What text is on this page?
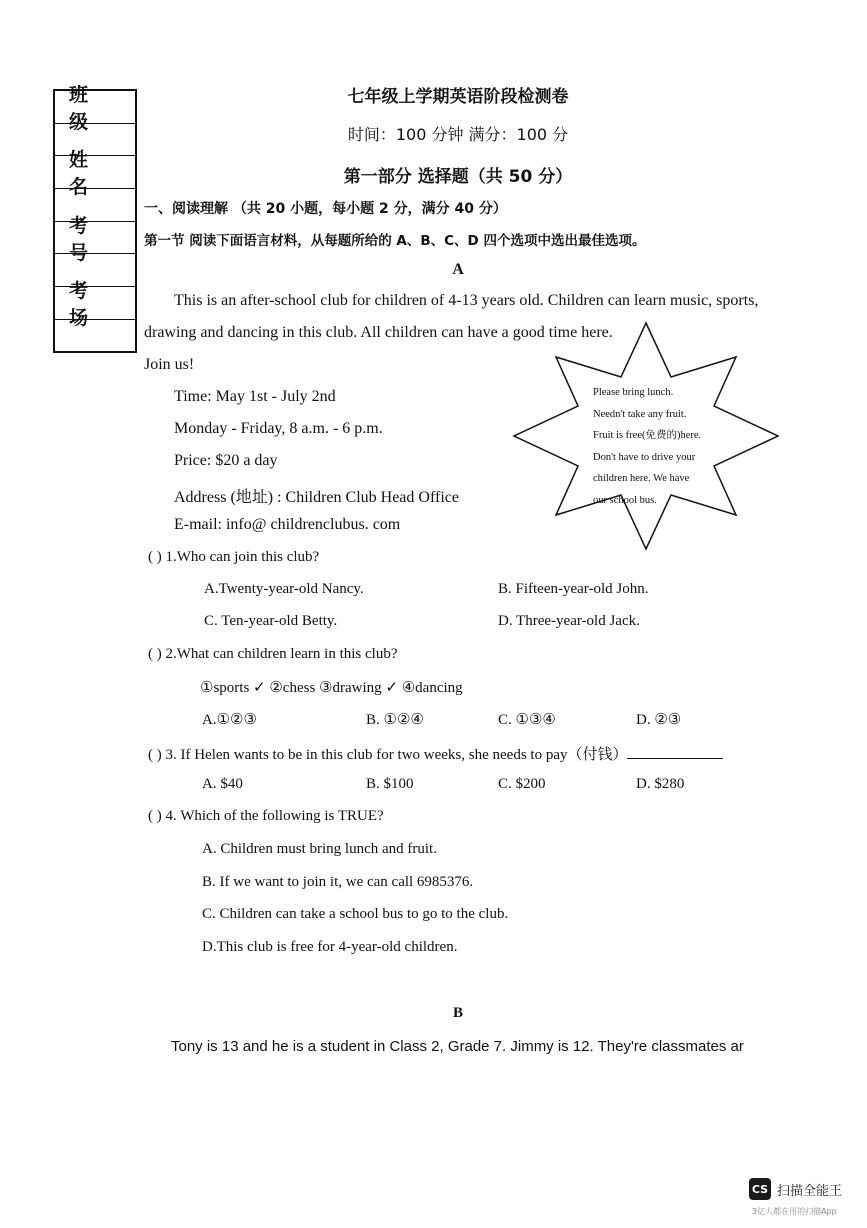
班 级
姓 名
考 号
考 场
七年级上学期英语阶段检测卷
时间：100 分钟 满分：100 分
第一部分 选择题（共 50 分）
一、阅读理解 （共 20 小题，每小题 2 分，满分 40 分）
第一节 阅读下面语言材料，从每题所给的 A、B、C、D 四个选项中选出最佳选项。
A
This is an after-school club for children of 4-13 years old. Children can learn music, sports,
drawing and dancing in this club. All children can have a good time here.
Join us!
Time: May 1st - July 2nd
Monday - Friday, 8 a.m. - 6 p.m.
Price: $20 a day
Address (地址) : Children Club Head Office
E-mail: info@ childrenclubus. com
Please bring lunch.
Needn't take any fruit.
Fruit is free(免费的)here.
Don't have to drive your
children here. We have
our school bus.
( ) 1.Who can join this club?
A.Twenty-year-old Nancy.	B. Fifteen-year-old John.
C. Ten-year-old Betty.	D. Three-year-old Jack.
( ) 2.What can children learn in this club?
①sports ✓ ②chess ③drawing ✓ ④dancing
A.①②③	B. ①②④	C. ①③④	D. ②③
( ) 3. If Helen wants to be in this club for two weeks, she needs to pay（付钱）
A. $40	B. $100	C. $200	D. $280
( ) 4. Which of the following is TRUE?
A. Children must bring lunch and fruit.
B. If we want to join it, we can call 6985376.
C. Children can take a school bus to go to the club.
D.This club is free for 4-year-old children.
B
Tony is 13 and he is a student in Class 2, Grade 7. Jimmy is 12. They're classmates ar
CS 扫描全能王
3亿人都在用的扫描App
